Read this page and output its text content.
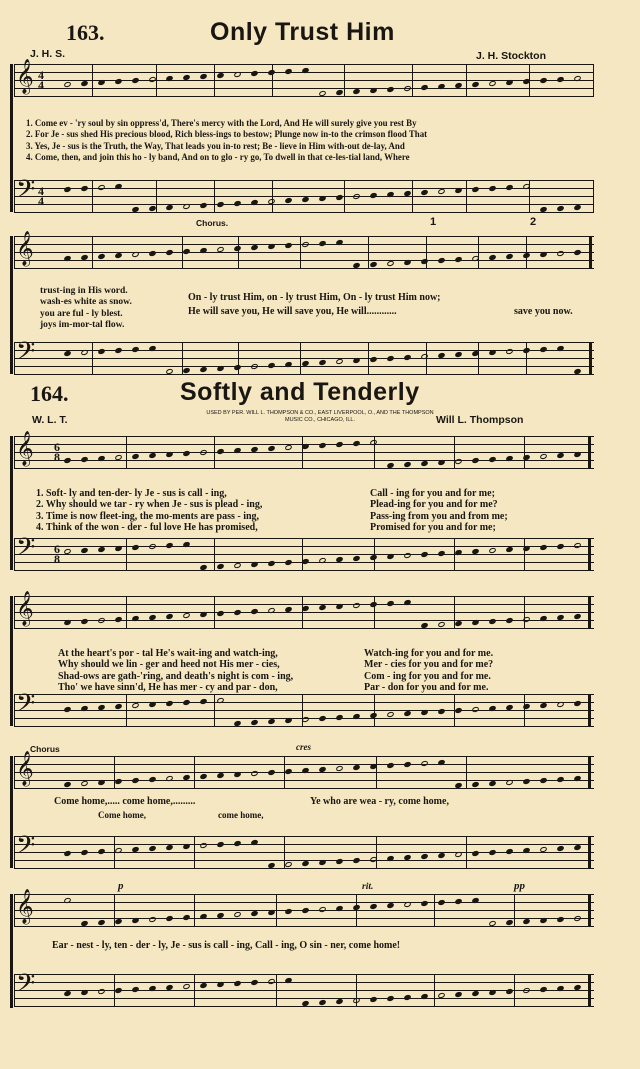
163.	Only Trust Him
J. H. S.	J. H. Stockton
𝄞 4
4

1. Come ev - 'ry soul by sin oppress'd, There's mercy with the Lord, And He will surely give you rest By
2. For Je - sus shed His precious blood, Rich bless-ings to bestow; Plunge now in-to the crimson flood That
3. Yes, Je - sus is the Truth, the Way, That leads you in-to rest; Be - lieve in Him with-out de-lay, And
4. Come, then, and join this ho - ly band, And on to glo - ry go, To dwell in that ce-les-tial land, Where
𝄢 4
4
Chorus.	1	2
𝄞

trust-ing in His word.
wash-es white as snow.
you are ful - ly blest.
joys im-mor-tal flow.
On - ly trust Him, on - ly trust Him, On - ly trust Him now;
He will save you, He will save you, He will............	save you now.
𝄢
164.	Softly and Tenderly
W. L. T.
USED BY PER. WILL L. THOMPSON & CO., EAST LIVERPOOL, O., AND THE THOMPSON MUSIC CO., CHICAGO, ILL.	Will L. Thompson
𝄞 6
8

1. Soft- ly and ten-der- ly Je - sus is call - ing,
2. Why should we tar - ry when Je - sus is plead - ing,
3. Time is now fleet-ing, the mo-ments are pass - ing,
4. Think of the won - der - ful love He has promised,

Call - ing for you and for me;
Plead-ing for you and for me?
Pass-ing from you and from me;
Promised for you and for me;
𝄢 6
8
𝄞

At the heart's por - tal He's wait-ing and watch-ing,
Why should we lin - ger and heed not His mer - cies,
Shad-ows are gath-'ring, and death's night is com - ing,
Tho' we have sinn'd, He has mer - cy and par - don,

Watch-ing for you and for me.
Mer - cies for you and for me?
Com - ing for you and for me.
Par - don for you and for me.
𝄢
Chorus	cres
𝄞
Come home,..... come home,.........	Ye who are wea - ry, come home,
Come home,	come home,
𝄢
p	rit.	pp
𝄞
Ear - nest - ly, ten - der - ly, Je - sus is call - ing, Call - ing, O sin - ner, come home!
𝄢
